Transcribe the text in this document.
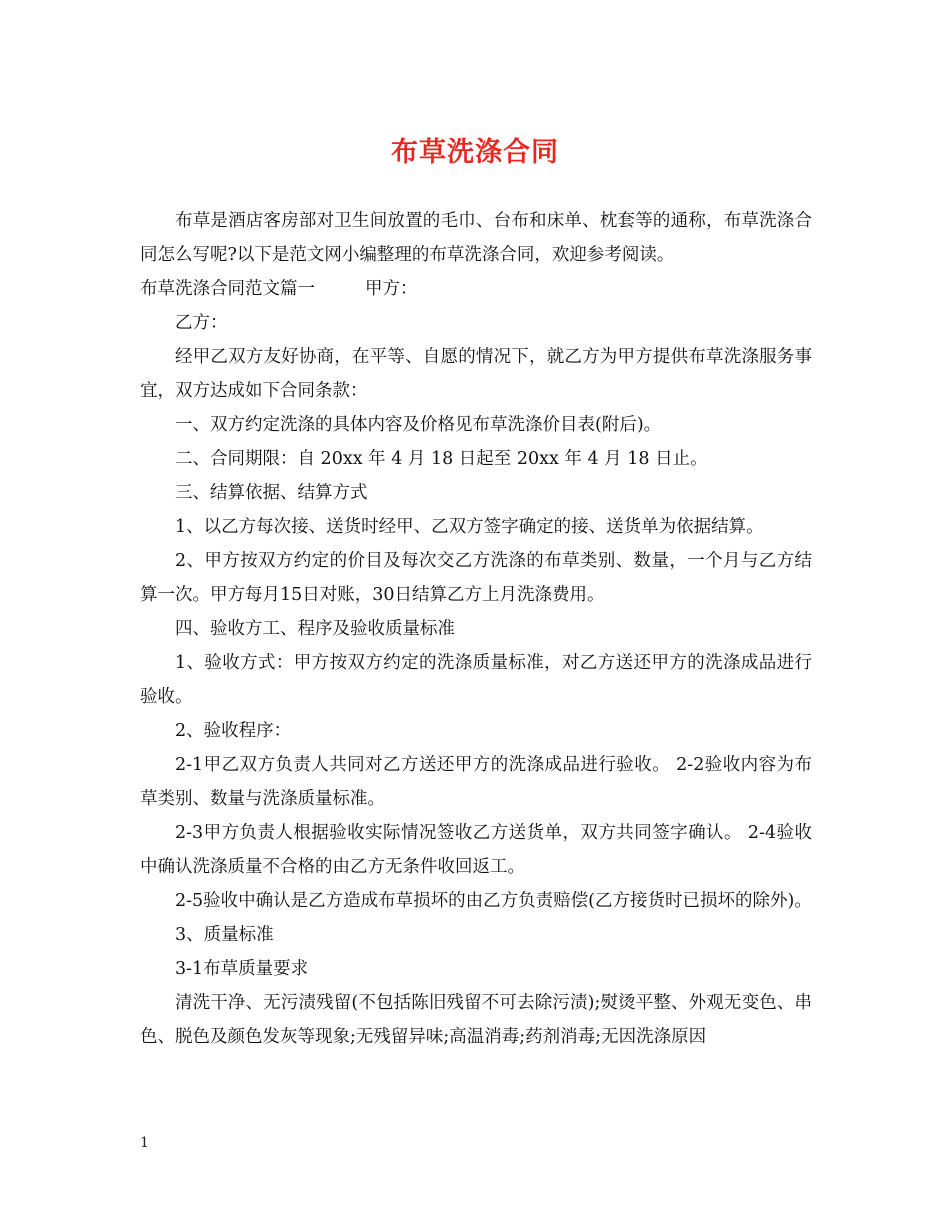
布草洗涤合同

布草是酒店客房部对卫生间放置的毛巾、台布和床单、枕套等的通称，布草洗涤合同怎么写呢?以下是范文网小编整理的布草洗涤合同，欢迎参考阅读。

布草洗涤合同范文篇一	甲方：

乙方：

经甲乙双方友好协商，在平等、自愿的情况下，就乙方为甲方提供布草洗涤服务事宜，双方达成如下合同条款：

一、双方约定洗涤的具体内容及价格见布草洗涤价目表(附后)。

二、合同期限：自 20xx 年 4 月 18 日起至 20xx 年 4 月 18 日止。

三、结算依据、结算方式

1、以乙方每次接、送货时经甲、乙双方签字确定的接、送货单为依据结算。

2、甲方按双方约定的价目及每次交乙方洗涤的布草类别、数量，一个月与乙方结算一次。甲方每月15日对账，30日结算乙方上月洗涤费用。

四、验收方工、程序及验收质量标准

1、验收方式：甲方按双方约定的洗涤质量标准，对乙方送还甲方的洗涤成品进行验收。

2、验收程序：

2-1甲乙双方负责人共同对乙方送还甲方的洗涤成品进行验收。 2-2验收内容为布草类别、数量与洗涤质量标准。

2-3甲方负责人根据验收实际情况签收乙方送货单，双方共同签字确认。 2-4验收中确认洗涤质量不合格的由乙方无条件收回返工。

2-5验收中确认是乙方造成布草损坏的由乙方负责赔偿(乙方接货时已损坏的除外)。

3、质量标准

3-1布草质量要求

清洗干净、无污渍残留(不包括陈旧残留不可去除污渍);熨烫平整、外观无变色、串色、脱色及颜色发灰等现象;无残留异味;高温消毒;药剂消毒;无因洗涤原因

1
